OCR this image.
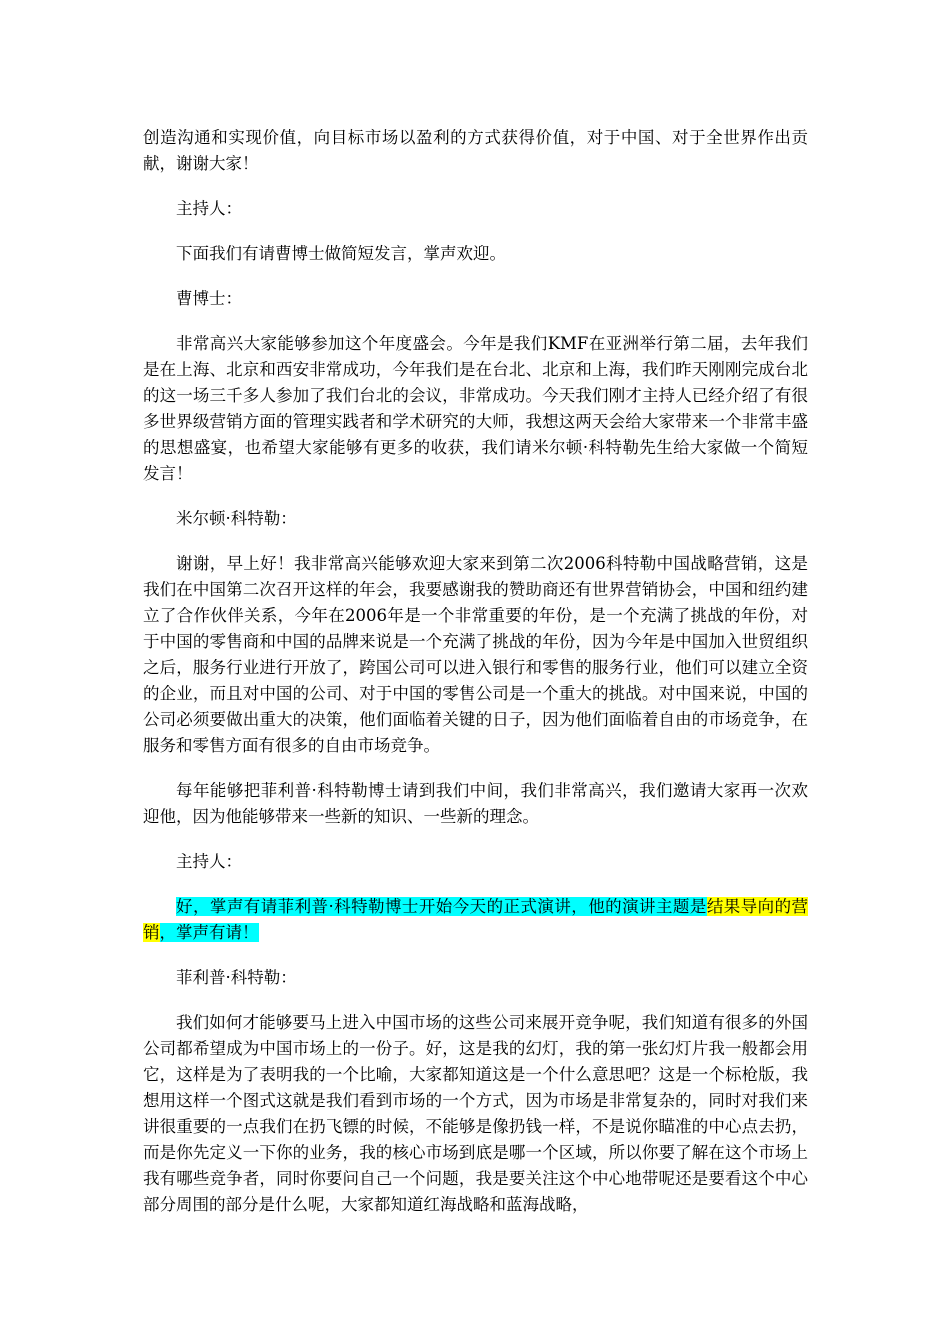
创造沟通和实现价值，向目标市场以盈利的方式获得价值，对于中国、对于全世界作出贡献，谢谢大家！

主持人：

下面我们有请曹博士做简短发言，掌声欢迎。

曹博士：

非常高兴大家能够参加这个年度盛会。今年是我们KMF在亚洲举行第二届，去年我们是在上海、北京和西安非常成功，今年我们是在台北、北京和上海，我们昨天刚刚完成台北的这一场三千多人参加了我们台北的会议，非常成功。今天我们刚才主持人已经介绍了有很多世界级营销方面的管理实践者和学术研究的大师，我想这两天会给大家带来一个非常丰盛的思想盛宴，也希望大家能够有更多的收获，我们请米尔顿·科特勒先生给大家做一个简短发言！

米尔顿·科特勒：

谢谢，早上好！我非常高兴能够欢迎大家来到第二次2006科特勒中国战略营销，这是我们在中国第二次召开这样的年会，我要感谢我的赞助商还有世界营销协会，中国和纽约建立了合作伙伴关系，今年在2006年是一个非常重要的年份，是一个充满了挑战的年份，对于中国的零售商和中国的品牌来说是一个充满了挑战的年份，因为今年是中国加入世贸组织之后，服务行业进行开放了，跨国公司可以进入银行和零售的服务行业，他们可以建立全资的企业，而且对中国的公司、对于中国的零售公司是一个重大的挑战。对中国来说，中国的公司必须要做出重大的决策，他们面临着关键的日子，因为他们面临着自由的市场竞争，在服务和零售方面有很多的自由市场竞争。

每年能够把菲利普·科特勒博士请到我们中间，我们非常高兴，我们邀请大家再一次欢迎他，因为他能够带来一些新的知识、一些新的理念。

主持人：

好，掌声有请菲利普·科特勒博士开始今天的正式演讲，他的演讲主题是结果导向的营销，掌声有请！

菲利普·科特勒：

我们如何才能够要马上进入中国市场的这些公司来展开竞争呢，我们知道有很多的外国公司都希望成为中国市场上的一份子。好，这是我的幻灯，我的第一张幻灯片我一般都会用它，这样是为了表明我的一个比喻，大家都知道这是一个什么意思吧？这是一个标枪版，我想用这样一个图式这就是我们看到市场的一个方式，因为市场是非常复杂的，同时对我们来讲很重要的一点我们在扔飞镖的时候，不能够是像扔钱一样，不是说你瞄准的中心点去扔，而是你先定义一下你的业务，我的核心市场到底是哪一个区域，所以你要了解在这个市场上我有哪些竞争者，同时你要问自己一个问题，我是要关注这个中心地带呢还是要看这个中心部分周围的部分是什么呢，大家都知道红海战略和蓝海战略，
